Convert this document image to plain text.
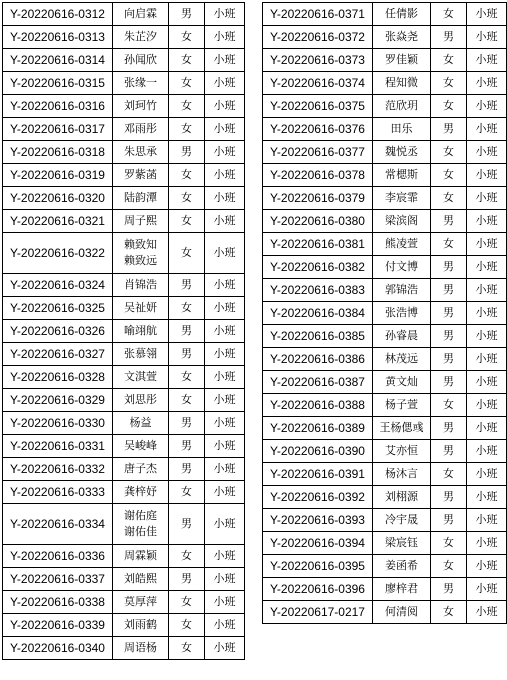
Y-20220616-0312	向启霖	男	小班
Y-20220616-0313	朱芷汐	女	小班
Y-20220616-0314	孙闻欣	女	小班
Y-20220616-0315	张缘一	女	小班
Y-20220616-0316	刘珂竹	女	小班
Y-20220616-0317	邓雨彤	女	小班
Y-20220616-0318	朱思承	男	小班
Y-20220616-0319	罗紫菡	女	小班
Y-20220616-0320	陆韵潭	女	小班
Y-20220616-0321	周子熙	女	小班
Y-20220616-0322	赖致知
赖致远	女	小班
Y-20220616-0324	肖锦浩	男	小班
Y-20220616-0325	吴祉妍	女	小班
Y-20220616-0326	喻翊航	男	小班
Y-20220616-0327	张慕翎	男	小班
Y-20220616-0328	文淇萱	女	小班
Y-20220616-0329	刘思彤	女	小班
Y-20220616-0330	杨益	男	小班
Y-20220616-0331	吴峻峰	男	小班
Y-20220616-0332	唐子杰	男	小班
Y-20220616-0333	龚梓妤	女	小班
Y-20220616-0334	谢佑庭
谢佑佳	男	小班
Y-20220616-0336	周霖颖	女	小班
Y-20220616-0337	刘皓熙	男	小班
Y-20220616-0338	莫厚萍	女	小班
Y-20220616-0339	刘雨鹤	女	小班
Y-20220616-0340	周语杨	女	小班
Y-20220616-0371	任倩影	女	小班
Y-20220616-0372	张焱尧	男	小班
Y-20220616-0373	罗佳颖	女	小班
Y-20220616-0374	程知微	女	小班
Y-20220616-0375	范欣玥	女	小班
Y-20220616-0376	田乐	男	小班
Y-20220616-0377	魏悦丞	女	小班
Y-20220616-0378	常楒斯	女	小班
Y-20220616-0379	李宸霏	女	小班
Y-20220616-0380	梁滨阁	男	小班
Y-20220616-0381	熊凌萱	女	小班
Y-20220616-0382	付文博	男	小班
Y-20220616-0383	郭锦浩	男	小班
Y-20220616-0384	张浩博	男	小班
Y-20220616-0385	孙睿晨	男	小班
Y-20220616-0386	林茂远	男	小班
Y-20220616-0387	黄文灿	男	小班
Y-20220616-0388	杨子萱	女	小班
Y-20220616-0389	王杨偲彧	男	小班
Y-20220616-0390	艾亦恒	男	小班
Y-20220616-0391	杨沐言	女	小班
Y-20220616-0392	刘栩源	男	小班
Y-20220616-0393	冷宇晟	男	小班
Y-20220616-0394	梁宸钰	女	小班
Y-20220616-0395	姜函希	女	小班
Y-20220616-0396	廖梓君	男	小班
Y-20220617-0217	何清阅	女	小班
